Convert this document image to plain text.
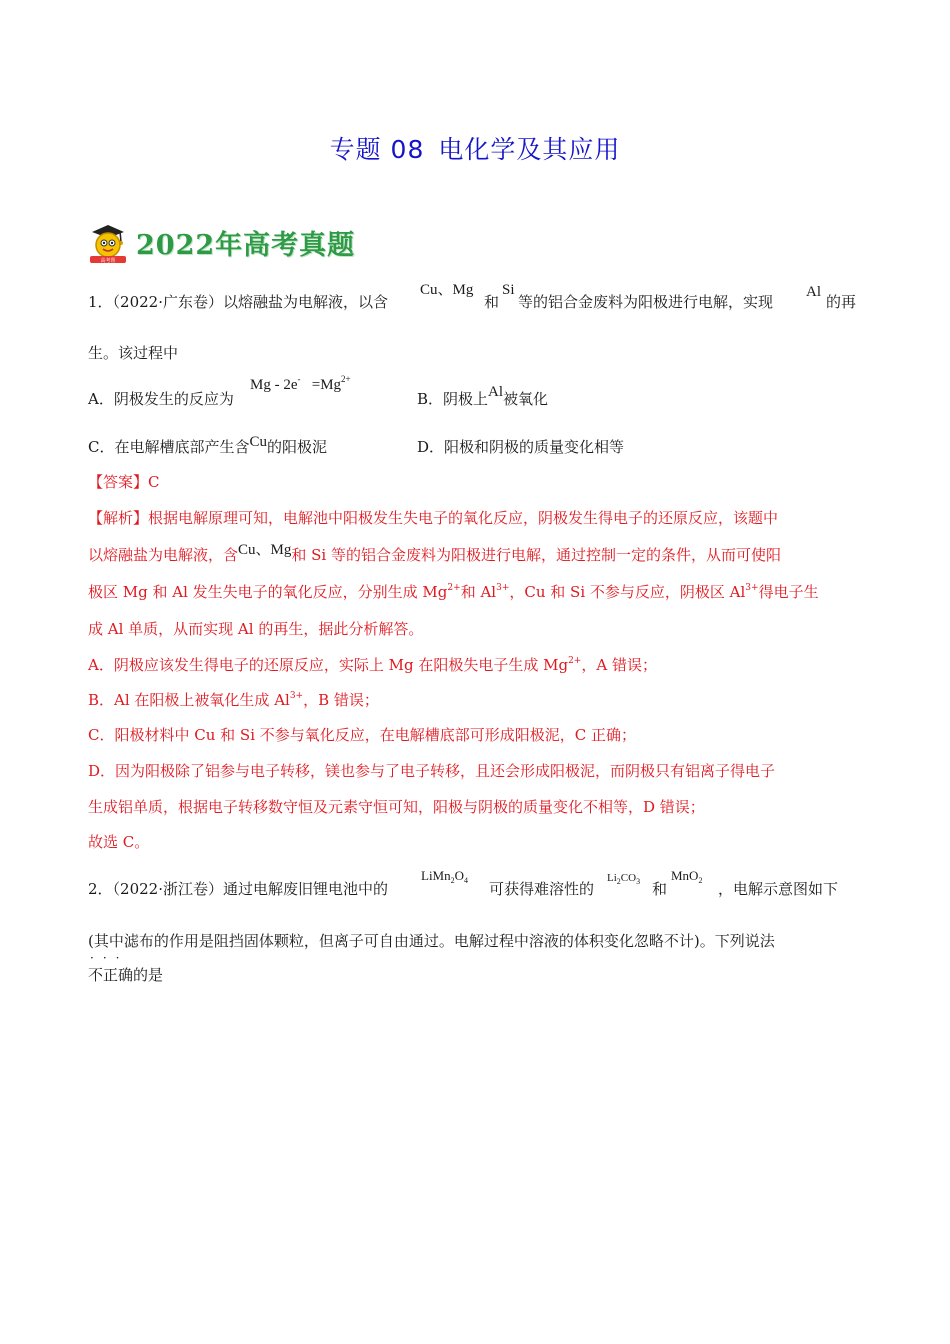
专题 08 电化学及其应用
高考帮
2022年高考真题
1．（2022·广东卷）以熔融盐为电解液，以含
Cu、Mg
和
Si
等的铝合金废料为阳极进行电解，实现
Al
的再
生。该过程中
A．阴极发生的反应为
$Mg - 2e^- =Mg^{2+}$
B．阴极上Al被氧化
C．在电解槽底部产生含Cu的阳极泥	D．阳极和阴极的质量变化相等
【答案】C
【解析】根据电解原理可知，电解池中阳极发生失电子的氧化反应，阴极发生得电子的还原反应，该题中
以熔融盐为电解液，含Cu、Mg和 Si 等的铝合金废料为阳极进行电解，通过控制一定的条件，从而可使阳
极区 Mg 和 Al 发生失电子的氧化反应，分别生成 $Mg^{2+}$和 $Al^{3+}$，Cu 和 Si 不参与反应，阴极区 $Al^{3+}$得电子生
成 Al 单质，从而实现 Al 的再生，据此分析解答。
A．阴极应该发生得电子的还原反应，实际上 Mg 在阳极失电子生成 $Mg^{2+}$，A 错误；
B．Al 在阳极上被氧化生成 $Al^{3+}$，B 错误；
C．阳极材料中 Cu 和 Si 不参与氧化反应，在电解槽底部可形成阳极泥，C 正确；
D．因为阳极除了铝参与电子转移，镁也参与了电子转移，且还会形成阳极泥，而阴极只有铝离子得电子
生成铝单质，根据电子转移数守恒及元素守恒可知，阳极与阴极的质量变化不相等，D 错误；
故选 C。
2．（2022·浙江卷）通过电解废旧锂电池中的
$LiMn_2O_4$ 可获得难溶性的
$Li_2CO_3$ 和
MnO$_2$ ，电解示意图如下
(其中滤布的作用是阻挡固体颗粒，但离子可自由通过。电解过程中溶液的体积变化忽略不计)。下列说法
···
不正确的是
